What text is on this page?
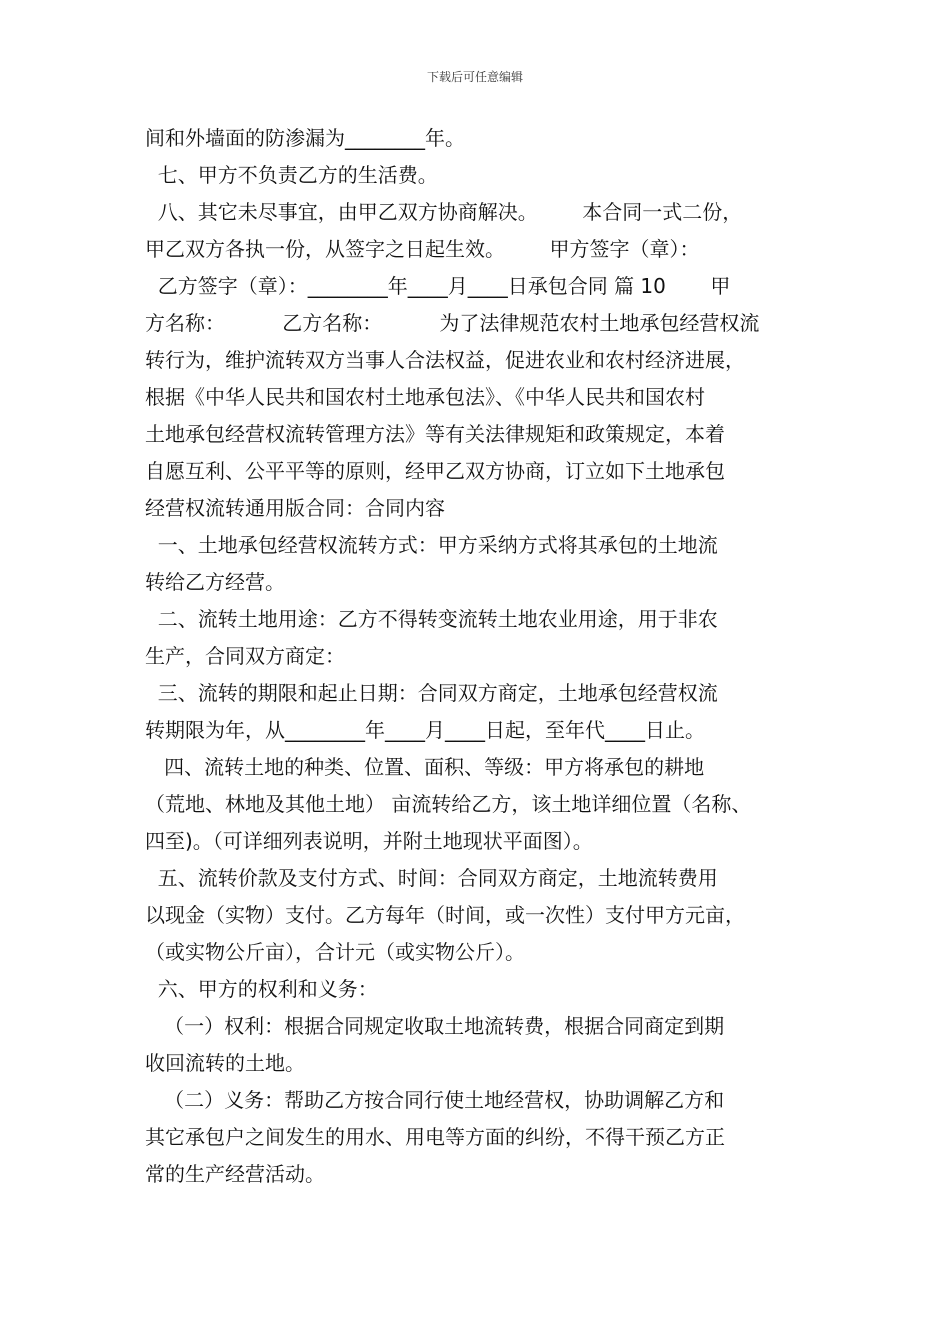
下载后可任意编辑
间和外墙面的防渗漏为________年。
七、甲方不负责乙方的生活费。
八、其它未尽事宜，由甲乙双方协商解决。       本合同一式二份，
甲乙双方各执一份，从签字之日起生效。       甲方签字（章）：
乙方签字（章）：________年____月____日承包合同 篇 10       甲
方名称：         乙方名称：         为了法律规范农村土地承包经营权流
转行为，维护流转双方当事人合法权益，促进农业和农村经济进展，
根据《中华人民共和国农村土地承包法》、《中华人民共和国农村
土地承包经营权流转管理方法》等有关法律规矩和政策规定，本着
自愿互利、公平平等的原则，经甲乙双方协商，订立如下土地承包
经营权流转通用版合同：合同内容
一、土地承包经营权流转方式：甲方采纳方式将其承包的土地流
转给乙方经营。
二、流转土地用途：乙方不得转变流转土地农业用途，用于非农
生产，合同双方商定：
三、流转的期限和起止日期：合同双方商定，土地承包经营权流
转期限为年，从________年____月____日起，至年代____日止。
四、流转土地的种类、位置、面积、等级：甲方将承包的耕地
（荒地、林地及其他土地） 亩流转给乙方，该土地详细位置（名称、
四至)。（可详细列表说明，并附土地现状平面图）。
五、流转价款及支付方式、时间：合同双方商定，土地流转费用
以现金（实物）支付。乙方每年（时间，或一次性）支付甲方元亩，
（或实物公斤亩），合计元（或实物公斤）。
六、甲方的权利和义务：
（一）权利：根据合同规定收取土地流转费，根据合同商定到期
收回流转的土地。
（二）义务：帮助乙方按合同行使土地经营权，协助调解乙方和
其它承包户之间发生的用水、用电等方面的纠纷，不得干预乙方正
常的生产经营活动。
